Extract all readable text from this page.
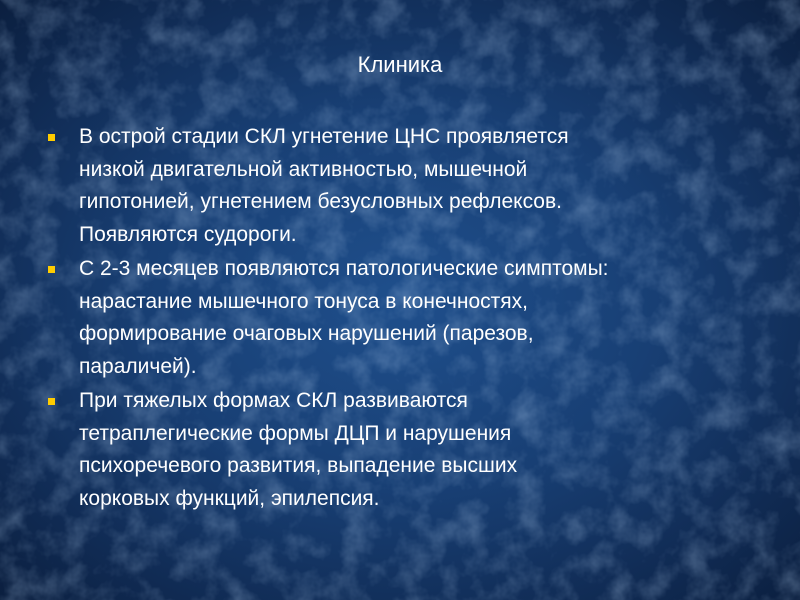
Клиника
В острой стадии СКЛ угнетение ЦНС проявляется
низкой двигательной активностью, мышечной
гипотонией, угнетением безусловных рефлексов.
Появляются судороги.
С 2-3 месяцев появляются патологические симптомы:
нарастание мышечного тонуса в конечностях,
формирование очаговых нарушений (парезов,
параличей).
При тяжелых формах СКЛ развиваются
тетраплегические формы ДЦП и нарушения
психоречевого развития, выпадение высших
корковых функций, эпилепсия.
